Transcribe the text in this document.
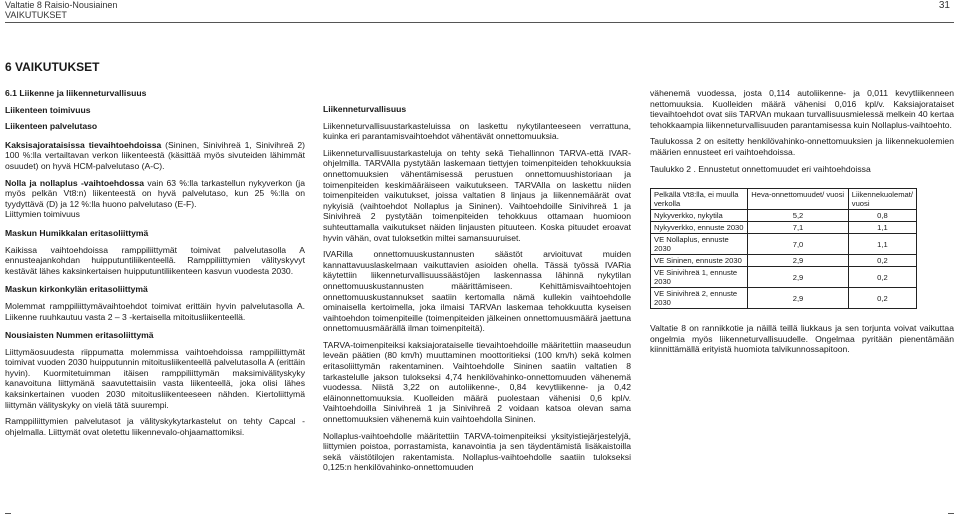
Valtatie 8 Raisio-Nousiainen
VAIKUTUKSET
31
6 VAIKUTUKSET

6.1 Liikenne ja liikenneturvallisuus

Liikenteen toimivuus

Liikenteen palvelutaso

Kaksisajorataisissa tievaihtoehdoissa (Sininen, Sinivihreä 1, Sinivihreä 2) 100 %:lla vertailtavan verkon liikenteestä (käsittää myös sivuteiden lähimmät osuudet) on hyvä HCM-palvelutaso (A-C).

Nolla ja nollaplus -vaihtoehdossa vain 63 %:lla tarkastellun nykyverkon (ja myös pelkän Vt8:n) liikenteestä on hyvä palvelutaso, kun 25 %:lla on tyydyttävä (D) ja 12 %:lla huono palvelutaso (E-F).

Liittymien toimivuus

Maskun Humikkalan eritasoliittymä

Kaikissa vaihtoehdoissa ramppiliittymät toimivat palvelutasolla A ennusteajankohdan huipputuntiliikenteellä. Ramppiliittymien välityskyvyt kestävät lähes kaksinkertaisen huipputuntiliikenteen kasvun vuodesta 2030.

Maskun kirkonkylän eritasoliittymä

Molemmat ramppiliittymävaihtoehdot toimivat erittäin hyvin palvelutasolla A. Liikenne ruuhkautuu vasta 2 – 3 -kertaisella mitoitusliikenteellä.

Nousiaisten Nummen eritasoliittymä

Liittymäosuudesta riippumatta molemmissa vaihtoehdoissa ramppiliittymät toimivat vuoden 2030 huipputunnin mitoitusliikenteellä palvelutasolla A (erittäin hyvin). Kuormitetuimman itäisen ramppiliittymän maksimivälityskyky kanavoituna liittymänä saavutettaisiin vasta liikenteellä, joka olisi lähes kaksinkertainen vuoden 2030 mitoitusliikenteeseen nähden. Kiertoliittymä liittymän välityskyky on vielä tätä suurempi.

Ramppiliittymien palvelutasot ja välityskykytarkastelut on tehty Capcal -ohjelmalla. Liittymät ovat oletettu liikennevalo-ohjaamattomiksi.

Liikenneturvallisuus

Liikenneturvallisuustarkasteluissa on laskettu nykytilanteeseen verrattuna, kuinka eri parantamisvaihtoehdot vähentävät onnettomuuksia.

Liikenneturvallisuustarkasteluja on tehty sekä Tiehallinnon TARVA-että IVAR-ohjelmilla. TARVAlla pystytään laskemaan tiettyjen toimenpiteiden tehokkuuksia onnettomuuksien vähentämisessä perustuen onnettomuushistoriaan ja toimenpiteiden keskimääräiseen vaikutukseen. TARVAlla on laskettu niiden toimenpiteiden vaikutukset, joissa valtatien 8 linjaus ja liikennemäärät ovat nykyisiä (vaihtoehdot Nollaplus ja Sininen). Vaihtoehdoille Sinivihreä 1 ja Sinivihreä 2 pystytään toimenpiteiden tehokkuus ottamaan huomioon suhteuttamalla vaikutukset näiden linjausten pituuteen. Koska pituudet eroavat hyvin vähän, ovat tuloksetkin miltei samansuuruiset.

IVARilla onnettomuuskustannusten säästöt arvioituvat muiden kannattavuuslaskelmaan vaikuttavien asioiden ohella. Tässä työssä IVARia käytettiin liikenneturvallisuussäästöjen laskennassa lähinnä nykytilan onnettomuuskustannusten määrittämiseen. Kehittämisvaihtoehtojen onnettomuuskustannukset saatiin kertomalla nämä kullekin vaihtoehdolle ominaisella kertoimella, joka ilmaisi TARVAn laskemaa tehokkuutta kyseisen vaihtoehdon toimenpiteille (toimenpiteiden jälkeinen onnettomuusmäärä jaettuna onnettomuusmäärällä ilman toimenpiteitä).

TARVA-toimenpiteiksi kaksiajorataiselle tievaihtoehdoille määritettiin maaseudun leveän päätien (80 km/h) muuttaminen moottoritieksi (100 km/h) sekä kolmen eritasoliittymän rakentaminen. Vaihtoehdolle Sininen saatiin valtatien 8 tarkastelulle jakson tulokseksi 4,74 henkilövahinko-onnettomuuden vähenemä vuodessa. Niistä 3,22 on autoliikenne-, 0,84 kevytliikenne- ja 0,42 eläinonnettomuuksia. Kuolleiden määrä puolestaan vähenisi 0,6 kpl/v. Vaihtoehdoilla Sinivihreä 1 ja Sinivihreä 2 voidaan katsoa olevan sama onnettomuuksien vähenemä kuin vaihtoehdolla Sininen.

Nollaplus-vaihtoehdolle määritettiin TARVA-toimenpiteiksi yksityistiejärjestelyjä, liittymien poistoa, porrastamista, kanavointia ja sen täydentämistä lisäkaistoilla sekä väistötilojen rakentamista. Nollaplus-vaihtoehdolle saatiin tulokseksi 0,125:n henkilövahinko-onnettomuuden

vähenemä vuodessa, josta 0,114 autoliikenne- ja 0,011 kevytliikenneen nettomuuksia. Kuolleiden määrä vähenisi 0,016 kpl/v. Kaksiajorataiset tievaihtoehdot ovat siis TARVAn mukaan turvallisuusmielessä melkein 40 kertaa tehokkaampia liikenneturvallisuuden parantamisessa kuin Nollaplus-vaihtoehto.

Taulukossa 2 on esitetty henkilövahinko-onnettomuuksien ja liikennekuolemien määrien ennusteet eri vaihtoehdoissa.

Taulukko 2 . Ennustetut onnettomuudet eri vaihtoehdoissa

Pelkällä Vt8:lla, ei muulla verkolla	Heva-onnettomuudet/ vuosi	Liikennekuolemat/ vuosi
Nykyverkko, nykytila	5,2	0,8
Nykyverkko, ennuste 2030	7,1	1,1
VE Nollaplus, ennuste 2030	7,0	1,1
VE Sininen, ennuste 2030	2,9	0,2
VE Sinivihreä 1, ennuste 2030	2,9	0,2
VE Sinivihreä 2, ennuste 2030	2,9	0,2

Valtatie 8 on rannikkotie ja näillä teillä liukkaus ja sen torjunta voivat vaikuttaa ongelmia myös liikenneturvallisuudelle. Ongelmaa pyritään pienentämään kiinnittämällä erityistä huomiota talvikunnossapitoon.
